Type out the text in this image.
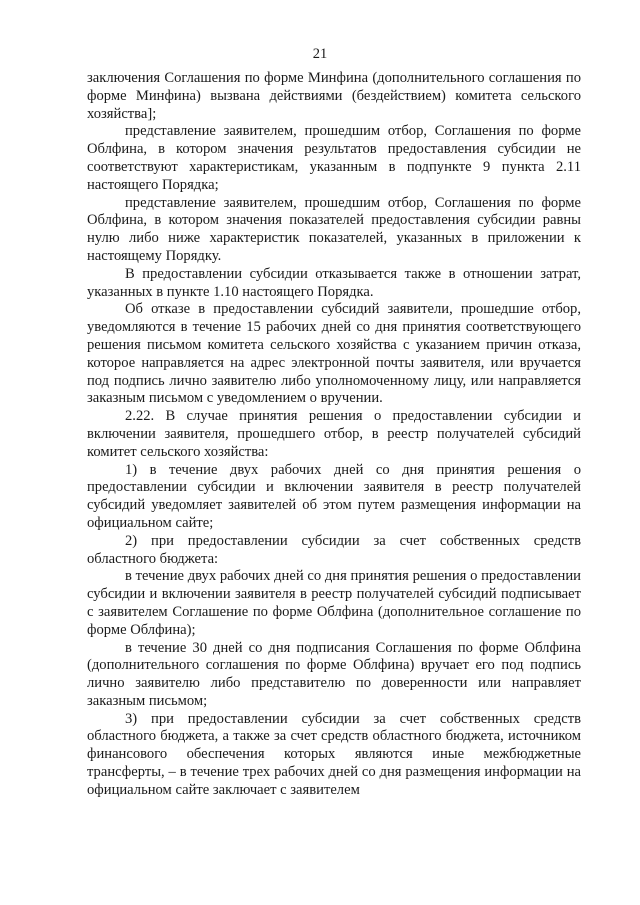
21

заключения Соглашения по форме Минфина (дополнительного соглашения по форме Минфина) вызвана действиями (бездействием) комитета сельского хозяйства];

представление заявителем, прошедшим отбор, Соглашения по форме Облфина, в котором значения результатов предоставления субсидии не соответствуют характеристикам, указанным в подпункте 9 пункта 2.11 настоящего Порядка;

представление заявителем, прошедшим отбор, Соглашения по форме Облфина, в котором значения показателей предоставления субсидии равны нулю либо ниже характеристик показателей, указанных в приложении к настоящему Порядку.

В предоставлении субсидии отказывается также в отношении затрат, указанных в пункте 1.10 настоящего Порядка.

Об отказе в предоставлении субсидий заявители, прошедшие отбор, уведомляются в течение 15 рабочих дней со дня принятия соответствующего решения письмом комитета сельского хозяйства с указанием причин отказа, которое направляется на адрес электронной почты заявителя, или вручается под подпись лично заявителю либо уполномоченному лицу, или направляется заказным письмом с уведомлением о вручении.

2.22. В случае принятия решения о предоставлении субсидии и включении заявителя, прошедшего отбор, в реестр получателей субсидий комитет сельского хозяйства:

1) в течение двух рабочих дней со дня принятия решения о предоставлении субсидии и включении заявителя в реестр получателей субсидий уведомляет заявителей об этом путем размещения информации на официальном сайте;

2) при предоставлении субсидии за счет собственных средств областного бюджета:

в течение двух рабочих дней со дня принятия решения о предоставлении субсидии и включении заявителя в реестр получателей субсидий подписывает с заявителем Соглашение по форме Облфина (дополнительное соглашение по форме Облфина);

в течение 30 дней со дня подписания Соглашения по форме Облфина (дополнительного соглашения по форме Облфина) вручает его под подпись лично заявителю либо представителю по доверенности или направляет заказным письмом;

3) при предоставлении субсидии за счет собственных средств областного бюджета, а также за счет средств областного бюджета, источником финансового обеспечения которых являются иные межбюджетные трансферты, – в течение трех рабочих дней со дня размещения информации на официальном сайте заключает с заявителем
